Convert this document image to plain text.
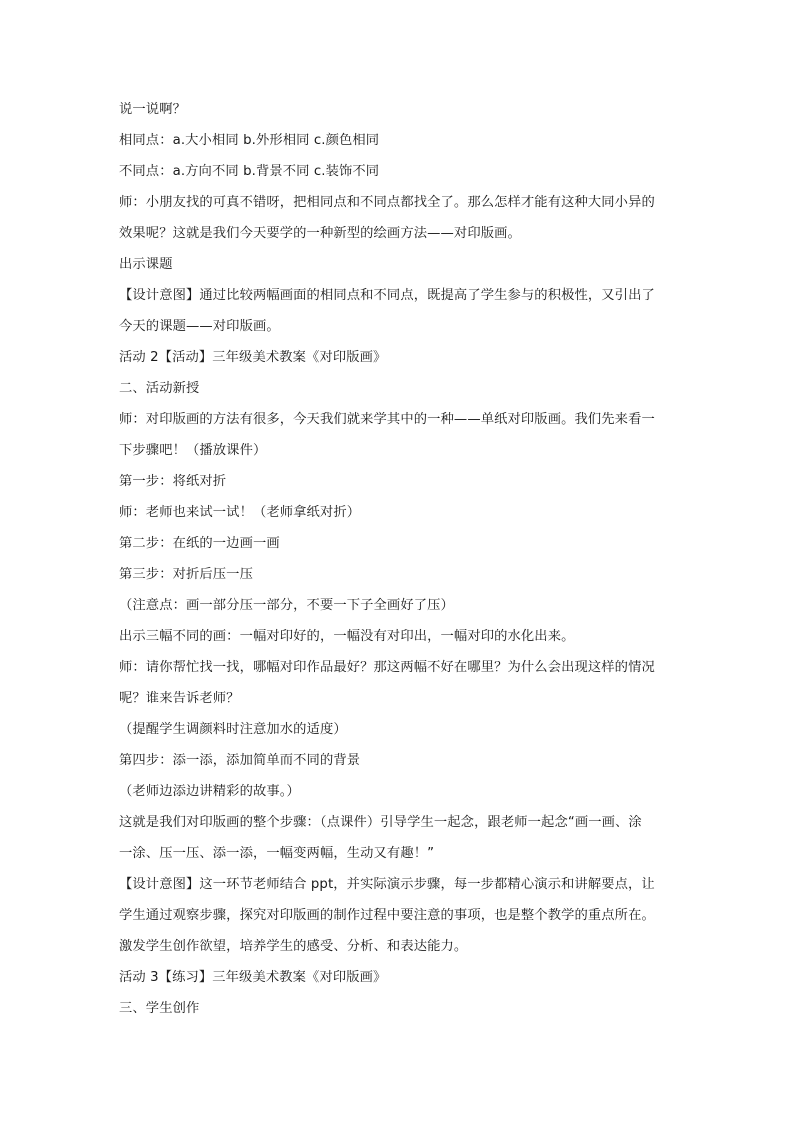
说一说啊？
相同点：a.大小相同 b.外形相同 c.颜色相同
不同点：a.方向不同 b.背景不同 c.装饰不同
师：小朋友找的可真不错呀，把相同点和不同点都找全了。那么怎样才能有这种大同小异的
效果呢？这就是我们今天要学的一种新型的绘画方法——对印版画。
出示课题
【设计意图】通过比较两幅画面的相同点和不同点，既提高了学生参与的积极性，又引出了
今天的课题——对印版画。
活动 2【活动】三年级美术教案《对印版画》
二、活动新授
师：对印版画的方法有很多，今天我们就来学其中的一种——单纸对印版画。我们先来看一
下步骤吧！（播放课件）
第一步：将纸对折
师：老师也来试一试！（老师拿纸对折）
第二步：在纸的一边画一画
第三步：对折后压一压
（注意点：画一部分压一部分，不要一下子全画好了压）
出示三幅不同的画：一幅对印好的，一幅没有对印出，一幅对印的水化出来。
师：请你帮忙找一找，哪幅对印作品最好？那这两幅不好在哪里？为什么会出现这样的情况
呢？谁来告诉老师？
（提醒学生调颜料时注意加水的适度）
第四步：添一添，添加简单而不同的背景
（老师边添边讲精彩的故事。）
这就是我们对印版画的整个步骤：（点课件）引导学生一起念，跟老师一起念“画一画、涂
一涂、压一压、添一添，一幅变两幅，生动又有趣！”
【设计意图】这一环节老师结合 ppt，并实际演示步骤，每一步都精心演示和讲解要点，让
学生通过观察步骤，探究对印版画的制作过程中要注意的事项，也是整个教学的重点所在。
激发学生创作欲望，培养学生的感受、分析、和表达能力。
活动 3【练习】三年级美术教案《对印版画》
三、学生创作
